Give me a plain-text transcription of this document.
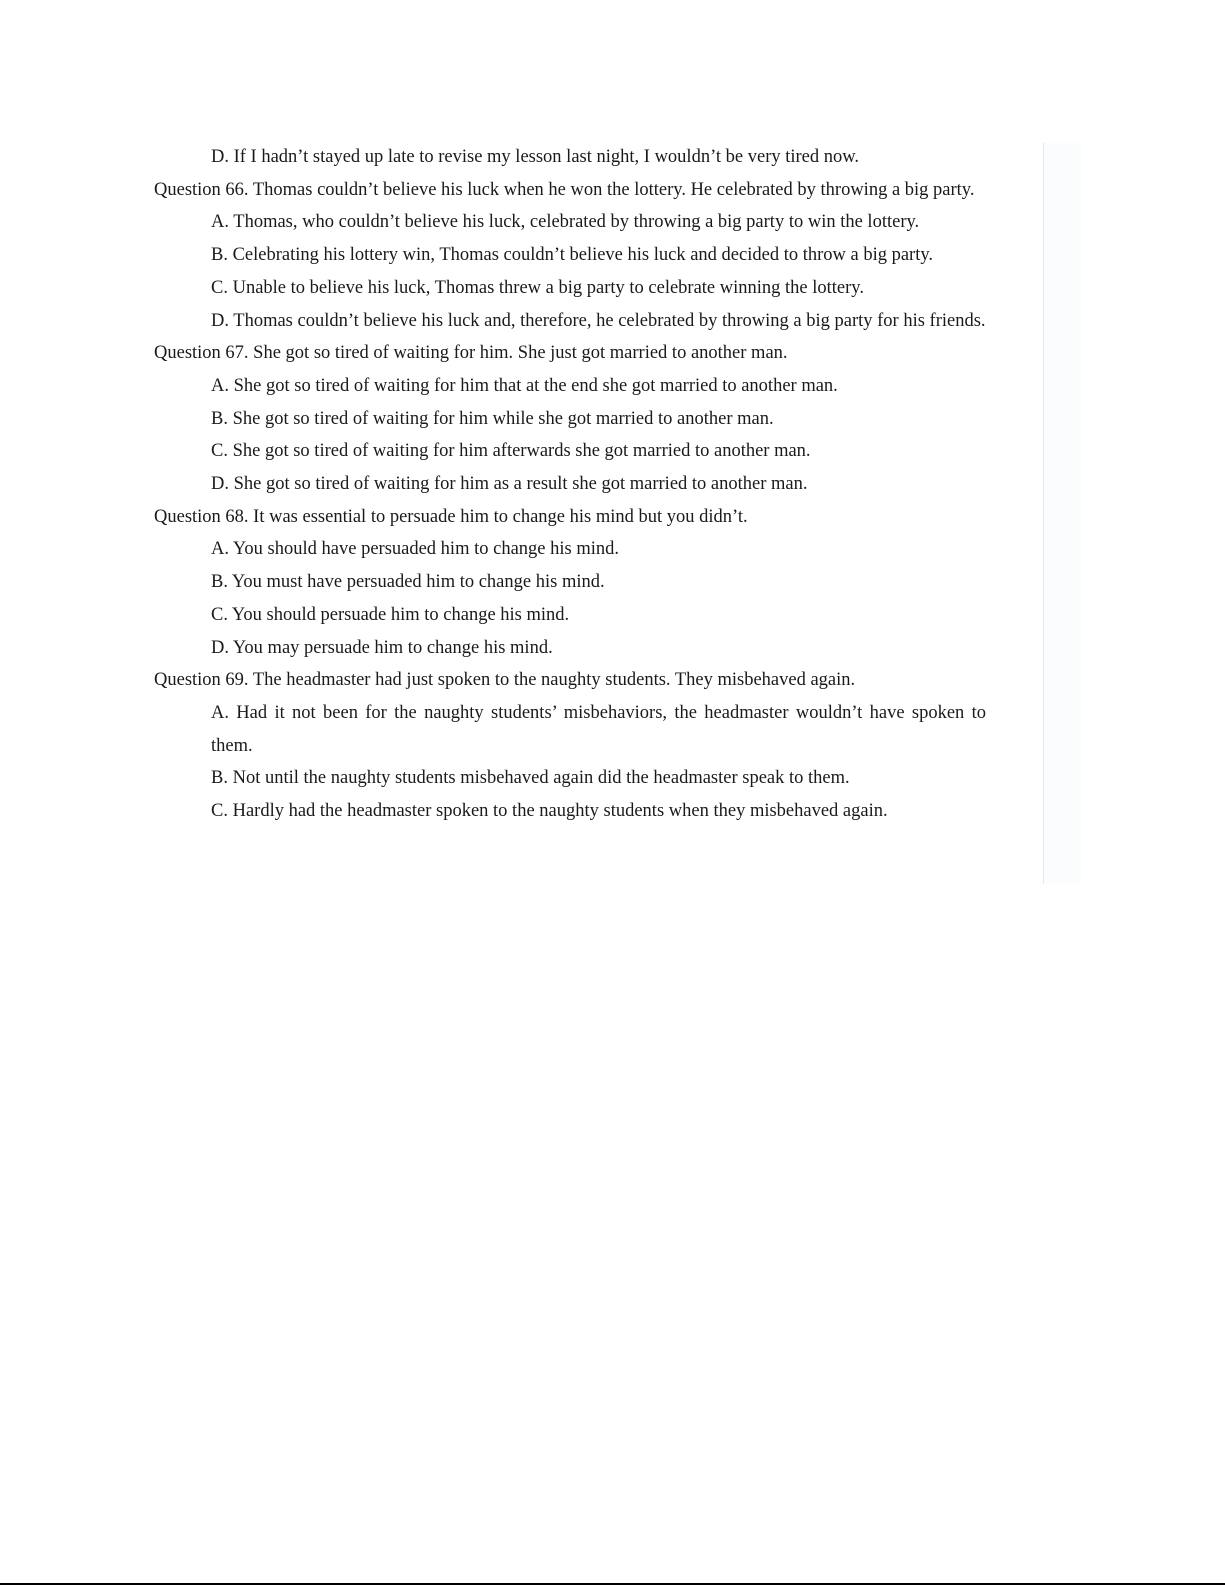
D. If I hadn’t stayed up late to revise my lesson last night, I wouldn’t be very tired now.

Question 66. Thomas couldn’t believe his luck when he won the lottery. He celebrated by throwing a big party.

A. Thomas, who couldn’t believe his luck, celebrated by throwing a big party to win the lottery.

B. Celebrating his lottery win, Thomas couldn’t believe his luck and decided to throw a big party.

C. Unable to believe his luck, Thomas threw a big party to celebrate winning the lottery.

D. Thomas couldn’t believe his luck and, therefore, he celebrated by throwing a big party for his friends.

Question 67. She got so tired of waiting for him. She just got married to another man.

A. She got so tired of waiting for him that at the end she got married to another man.

B. She got so tired of waiting for him while she got married to another man.

C. She got so tired of waiting for him afterwards she got married to another man.

D. She got so tired of waiting for him as a result she got married to another man.

Question 68. It was essential to persuade him to change his mind but you didn’t.

A. You should have persuaded him to change his mind.

B. You must have persuaded him to change his mind.

C. You should persuade him to change his mind.

D. You may persuade him to change his mind.

Question 69. The headmaster had just spoken to the naughty students. They misbehaved again.

A. Had it not been for the naughty students’ misbehaviors, the headmaster wouldn’t have spoken to them.

B. Not until the naughty students misbehaved again did the headmaster speak to them.

C. Hardly had the headmaster spoken to the naughty students when they misbehaved again.
